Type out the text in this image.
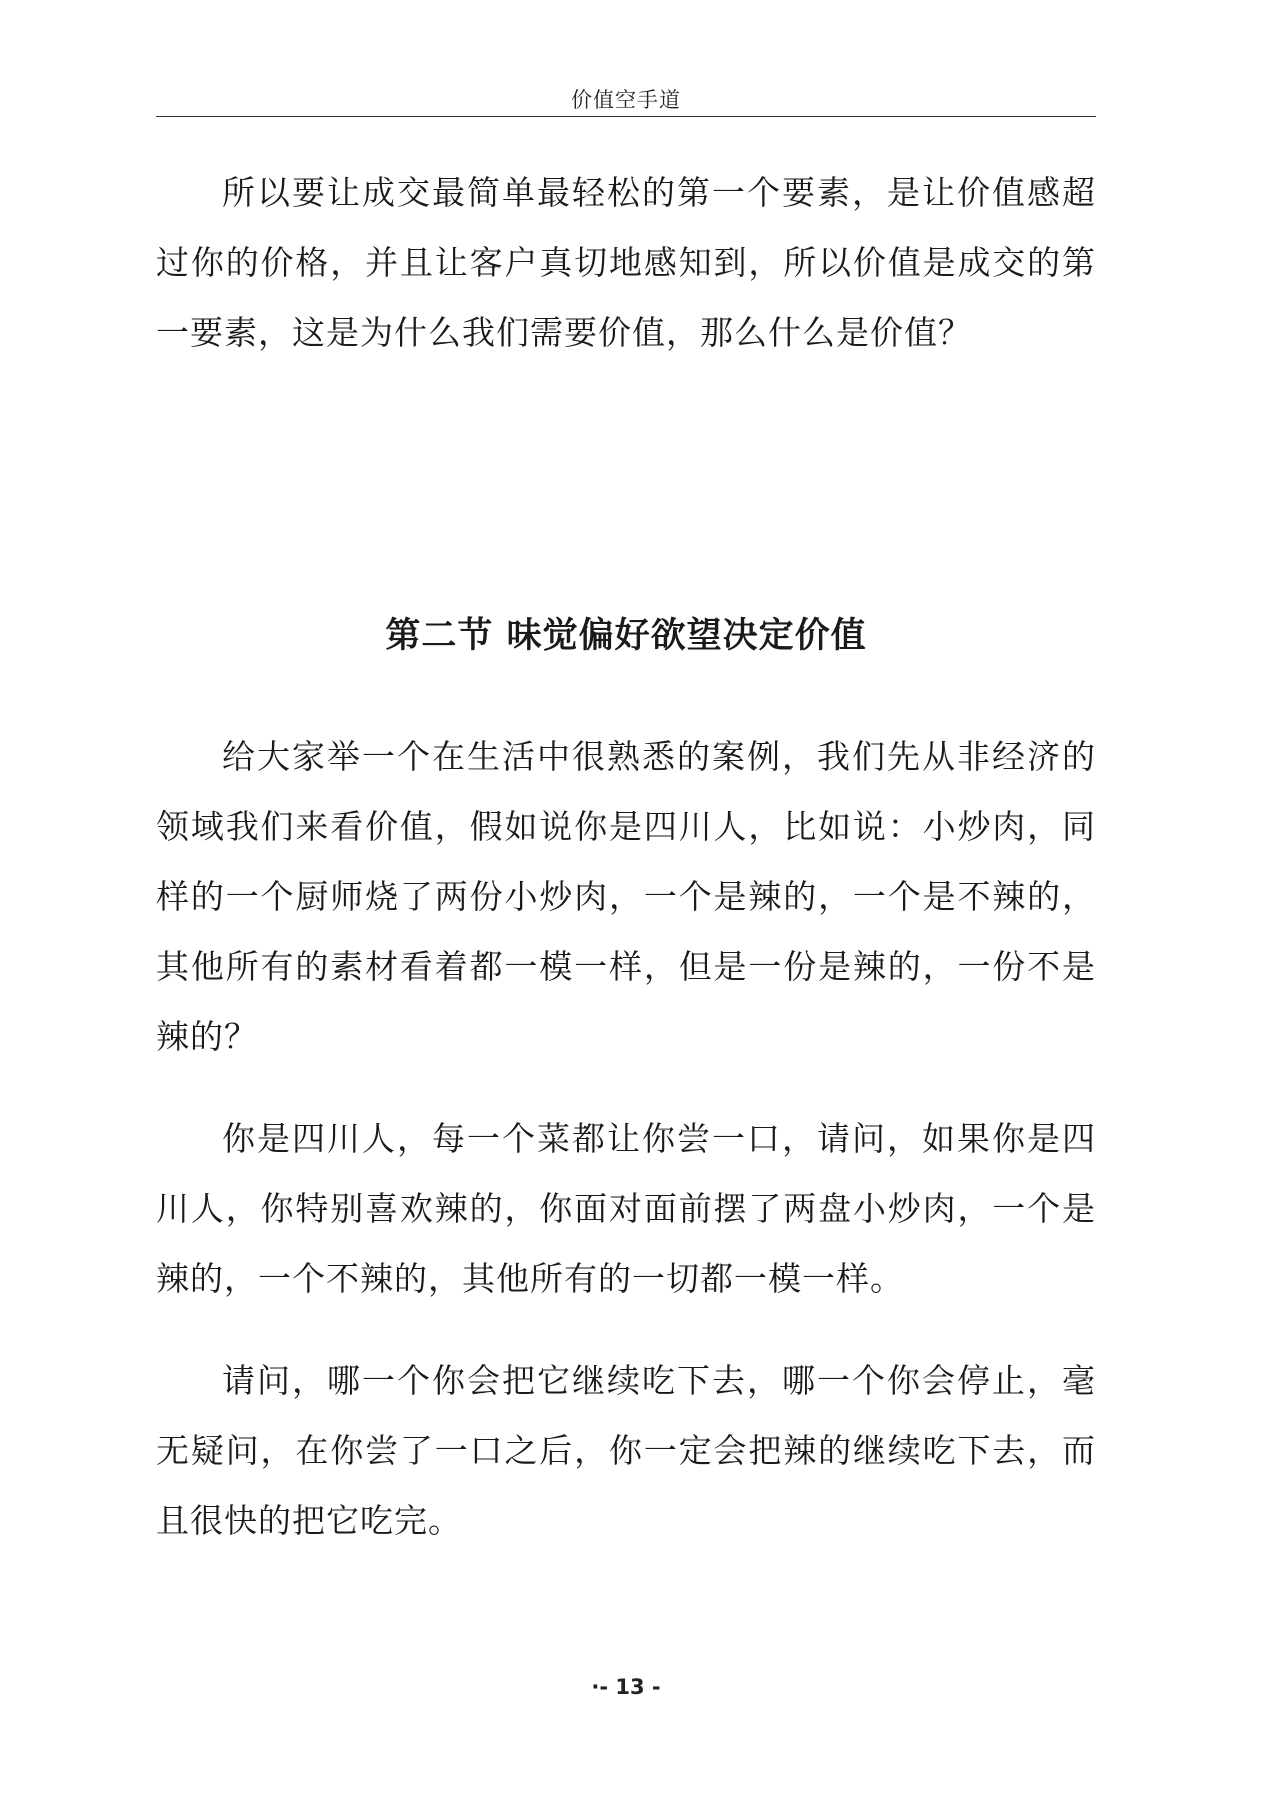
价值空手道

所以要让成交最简单最轻松的第一个要素，是让价值感超过你的价格，并且让客户真切地感知到，所以价值是成交的第一要素，这是为什么我们需要价值，那么什么是价值？

第二节 味觉偏好欲望决定价值

给大家举一个在生活中很熟悉的案例，我们先从非经济的领域我们来看价值，假如说你是四川人，比如说：小炒肉，同样的一个厨师烧了两份小炒肉，一个是辣的，一个是不辣的，其他所有的素材看着都一模一样，但是一份是辣的，一份不是辣的？

你是四川人，每一个菜都让你尝一口，请问，如果你是四川人，你特别喜欢辣的，你面对面前摆了两盘小炒肉，一个是辣的，一个不辣的，其他所有的一切都一模一样。

请问，哪一个你会把它继续吃下去，哪一个你会停止，毫无疑问，在你尝了一口之后，你一定会把辣的继续吃下去，而且很快的把它吃完。

·- 13 -
